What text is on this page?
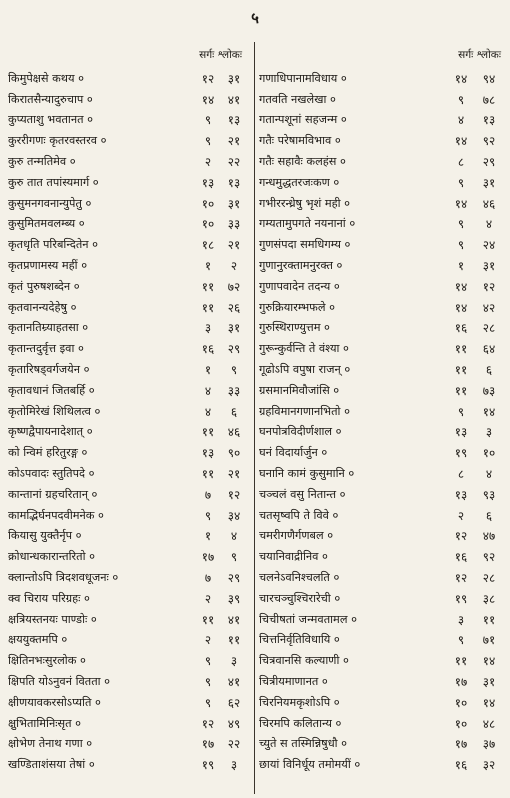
५
सर्गः श्लोकः	सर्गः श्लोकः
किमुपेक्षसे कथय ०	१२	३१
किरातसैन्यादुरुचाप ०	१४	४१
कुप्यताशु भवतानत ०	९	१३
कुररीगणः कृतरवस्तरव ०	९	२१
कुरु तन्मतिमेव ०	२	२२
कुरु तात तपांस्यमार्ग ०	१३	१३
कुसुमनगवनान्युपेतु ०	१०	३१
कुसुमितमवलम्ब्य ०	१०	३३
कृतधृति परिबन्दितेन ०	१८	२१
कृतप्रणामस्य महीं ०	१	२
कृतं पुरुषशब्देन ०	११	७२
कृतवानन्यदेहेषु ०	११	२६
कृतानतिम्र्याहतसा ०	३	३१
कृतान्तदुर्वृत्त इवा ०	१६	२९
कृतारिषड्वर्गजयेन ०	१	९
कृतावधानं जितबर्हि ०	४	३३
कृतोमिरेखं शिथिलत्व ०	४	६
कृष्णद्वैपायनादेशात् ०	११	४६
को न्विमं हरितुरङ्ग ०	१३	९०
कोऽपवादः स्तुतिपदे ०	११	२१
कान्तानां ग्रहचरितान् ०	७	१२
कामद्भिर्घनपदवीमनेक ०	९	३४
कियासु युक्तैर्नृप ०	१	४
क्रोधान्धकारान्तरितो ०	१७	९
क्लान्तोऽपि त्रिदशवधूजनः ०	७	२९
क्व चिराय परिग्रहः ०	२	३९
क्षत्रियस्तनयः पाण्डोः ०	११	४१
क्षययुक्तमपि ०	२	११
क्षितिनभःसुरलोक ०	९	३
क्षिपति योऽनुवनं वितता ०	९	४१
क्षीणयावकरसोऽप्यति ०	९	६२
क्षुभितामिनिःसृत ०	१२	४९
क्षोभेण तेनाथ गणा ०	१७	२२
खण्डिताशंसया तेषां ०	१९	३
गणाधिपानामविधाय ०	१४	९४
गतवति नखलेखा ०	९	७८
गतान्पशूनां सहजन्म ०	४	१३
गतैः परेषामविभाव ०	१४	९२
गतैः सहावैः कलहंस ०	८	२९
गन्धमुद्धतरजःकण ०	९	३१
गभीररन्ध्रेषु भृशं मही ०	१४	४६
गम्यतामुपगते नयनानां ०	९	४
गुणसंपदा समधिगम्य ०	९	२४
गुणानुरक्तामनुरक्त ०	१	३१
गुणापवादेन तदन्य ०	१४	१२
गुरुक्रियारम्भफले ०	१४	४२
गुरुस्थिराण्युत्तम ०	१६	२८
गुरून्कुर्वन्ति ते वंश्या ०	११	६४
गूढोऽपि वपुषा राजन् ०	११	६
ग्रसमानमिवौजांसि ०	११	७३
ग्रहविमानगणानभितो ०	९	१४
घनपोत्रविदीर्णशाल ०	१३	३
घनं विदार्यार्जुन ०	१९	१०
घनानि कामं कुसुमानि ०	८	४
चञ्चलं वसु नितान्त ०	१३	९३
चतसृष्वपि ते विवे ०	२	६
चमरीगणैर्गणबल ०	१२	४७
चयानिवाद्रीनिव ०	१६	९२
चलनेऽवनिश्चलति ०	१२	२८
चारचञ्चुश्चिरारेची ०	१९	३८
चिचीषतां जन्मवतामल ०	३	११
चित्तनिर्वृतिविधायि ०	९	७१
चित्रवानसि कल्याणी ०	११	१४
चित्रीयमाणानत ०	१७	३१
चिरनियमकृशोऽपि ०	१०	१४
चिरमपि कलितान्य ०	१०	४८
च्युते स तस्मिन्निषुधौ ०	१७	३७
छायां विनिर्धूय तमोमयीं ०	१६	३२
